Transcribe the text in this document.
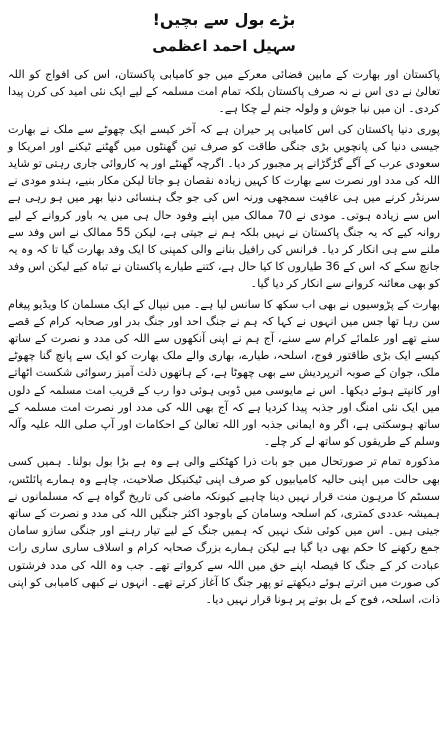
بڑے بول سے بچیں!
سہیل احمد اعظمی

پاکستان اور بھارت کے مابین فضائی معرکے میں جو کامیابی پاکستان، اس کی افواج کو اللہ تعالیٰ نے دی اس نے نہ صرف پاکستان بلکہ تمام امت مسلمہ کے لیے ایک نئی امید کی کرن پیدا کردی۔ ان میں نیا جوش و ولولہ جنم لے چکا ہے۔

پوری دنیا پاکستان کی اس کامیابی پر حیران ہے کہ آخر کیسے ایک چھوٹے سے ملک نے بھارت جیسی دنیا کی پانچویں بڑی جنگی طاقت کو صرف تین گھنٹوں میں گھٹنے ٹیکنے اور امریکا و سعودی عرب کے آگے گڑگڑانے پر مجبور کر دیا۔ اگرچہ گھنٹے اور یہ کاروائی جاری رہتی تو شاید اللہ کی مدد اور نصرت سے بھارت کا کہیں زیادہ نقصان ہو جاتا لیکن مکار بنیے، ہندو مودی نے سرنڈر کرنے میں ہی عافیت سمجھی ورنہ اس کی جو جگ ہنسائی دنیا بھر میں ہو رہی ہے اس سے زیادہ ہوتی۔ مودی نے 70 ممالک میں اپنے وفود حال ہی میں یہ باور کروانے کے لیے روانہ کیے کہ یہ جنگ پاکستان نے نہیں بلکہ ہم نے جیتی ہے، لیکن 55 ممالک نے اس وفد سے ملنے سے ہی انکار کر دیا۔ فرانس کی رافیل بنانے والی کمپنی کا ایک وفد بھارت گیا تا کہ وہ یہ جانچ سکے کہ اس کے 36 طیاروں کا کیا حال ہے، کتنے طیارے پاکستان نے تباہ کیے لیکن اس وفد کو بھی معائنہ کروانے سے انکار کر دیا گیا۔

بھارت کے پڑوسیوں نے بھی اب سکھ کا سانس لیا ہے۔ میں نیپال کے ایک مسلمان کا ویڈیو پیغام سن رہا تھا جس میں انہوں نے کہا کہ ہم نے جنگ احد اور جنگ بدر اور صحابہ کرام کے قصے سنے تھے اور علمائے کرام سے سنے، آج ہم نے اپنی آنکھوں سے اللہ کی مدد و نصرت کے ساتھ کیسے ایک بڑی طاقتور فوج، اسلحہ، طیارے، بھاری والے ملک بھارت کو ایک سے پانچ گنا چھوٹے ملک، جوان کے صوبہ اترپردیش سے بھی چھوٹا ہے، کے ہاتھوں ذلت آمیز رسوائی شکست اٹھاتے اور کانپتے ہوئے دیکھا۔ اس نے مایوسی میں ڈوبی ہوئی دوا رب کے قریب امت مسلمہ کے دلوں میں ایک نئی امنگ اور جذبہ پیدا کردیا ہے کہ آج بھی اللہ کی مدد اور نصرت امت مسلمہ کے ساتھ ہوسکتی ہے، اگر وہ ایمانی جذبہ اور اللہ تعالیٰ کے احکامات اور آپ صلی اللہ علیہ وآلہ وسلم کے طریقوں کو ساتھ لے کر چلے۔

مذکورہ تمام تر صورتحال میں جو بات ذرا کھٹکنے والی ہے وہ ہے بڑا بول بولنا۔ ہمیں کسی بھی حالت میں اپنی حالیہ کامیابیوں کو صرف اپنی ٹیکنیکل صلاحیت، چاہے وہ ہمارے پائلٹس، سسٹم کا مرہون منت قرار نہیں دینا چاہیے کیونکہ ماضی کی تاریخ گواہ ہے کہ مسلمانوں نے ہمیشہ عددی کمتری، کم اسلحہ وسامان کے باوجود اکثر جنگیں اللہ کی مدد و نصرت کے ساتھ جیتی ہیں۔ اس میں کوئی شک نہیں کہ ہمیں جنگ کے لیے تیار رہنے اور جنگی سازو سامان جمع رکھنے کا حکم بھی دیا گیا ہے لیکن ہمارے بزرگ صحابہ کرام و اسلاف ساری ساری رات عبادت کر کے جنگ کا فیصلہ اپنے حق میں اللہ سے کرواتے تھے۔ جب وہ اللہ کی مدد فرشتوں کی صورت میں اترتے ہوئے دیکھتے تو پھر جنگ کا آغاز کرتے تھے۔ انہوں نے کبھی کامیابی کو اپنی ذات، اسلحہ، فوج کے بل بوتے پر ہونا قرار نہیں دیا۔
